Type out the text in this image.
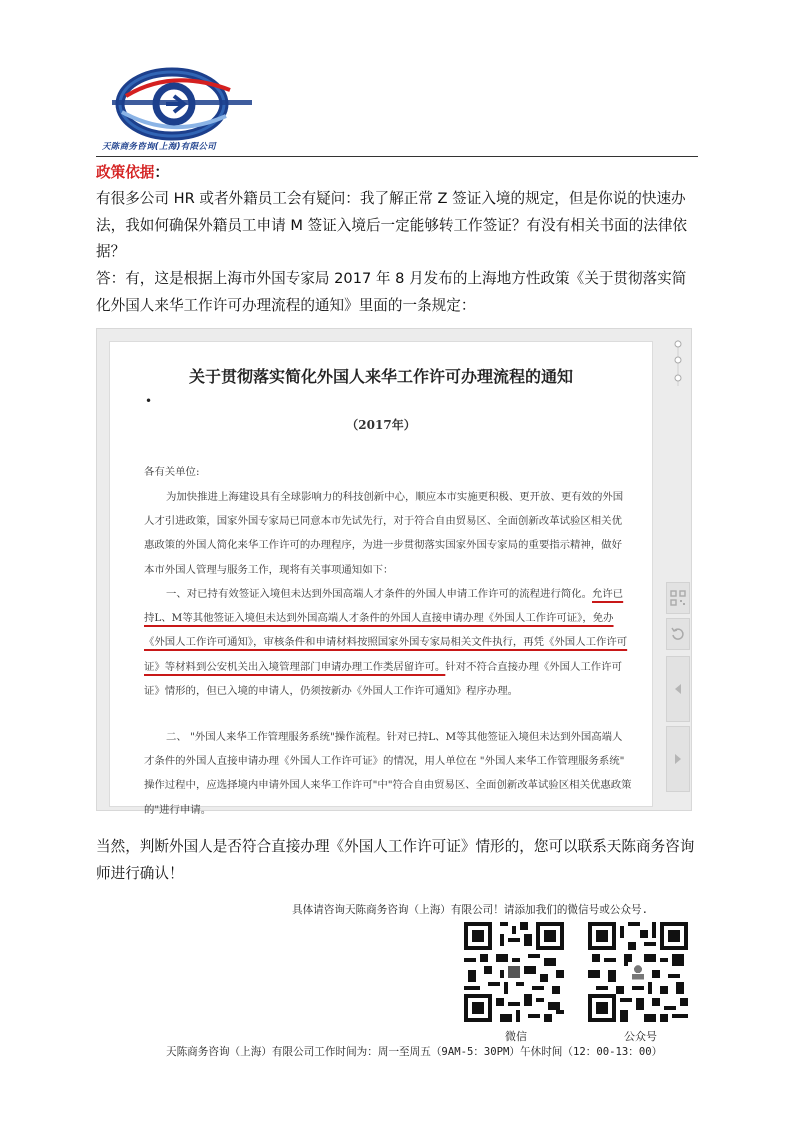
天陈商务咨询(上海)有限公司
政策依据：
有很多公司 HR 或者外籍员工会有疑问：我了解正常 Z 签证入境的规定，但是你说的快速办法，我如何确保外籍员工申请 M 签证入境后一定能够转工作签证？有没有相关书面的法律依据？
答：有，这是根据上海市外国专家局 2017 年 8 月发布的上海地方性政策《关于贯彻落实简化外国人来华工作许可办理流程的通知》里面的一条规定：
关于贯彻落实简化外国人来华工作许可办理流程的通知
•
（2017年）
各有关单位:
为加快推进上海建设具有全球影响力的科技创新中心，顺应本市实施更积极、更开放、更有效的外国人才引进政策，国家外国专家局已同意本市先试先行，对于符合自由贸易区、全面创新改革试验区相关优惠政策的外国人简化来华工作许可的办理程序，为进一步贯彻落实国家外国专家局的重要指示精神，做好本市外国人管理与服务工作，现将有关事项通知如下：
一、对已持有效签证入境但未达到外国高端人才条件的外国人申请工作许可的流程进行简化。允许已持L、M等其他签证入境但未达到外国高端人才条件的外国人直接申请办理《外国人工作许可证》，免办《外国人工作许可通知》，审核条件和申请材料按照国家外国专家局相关文件执行，再凭《外国人工作许可证》等材料到公安机关出入境管理部门申请办理工作类居留许可。针对不符合直接办理《外国人工作许可证》情形的，但已入境的申请人，仍须按新办《外国人工作许可通知》程序办理。
二、 "外国人来华工作管理服务系统"操作流程。针对已持L、M等其他签证入境但未达到外国高端人才条件的外国人直接申请办理《外国人工作许可证》的情况，用人单位在 "外国人来华工作管理服务系统" 操作过程中，应选择境内申请外国人来华工作许可"中"符合自由贸易区、全面创新改革试验区相关优惠政策的"进行申请。
当然，判断外国人是否符合直接办理《外国人工作许可证》情形的，您可以联系天陈商务咨询师进行确认！
具体请咨询天陈商务咨询（上海）有限公司！请添加我们的微信号或公众号.
微信	公众号
天陈商务咨询（上海）有限公司工作时间为：周一至周五（9AM-5：30PM）午休时间（12：00-13：00）
